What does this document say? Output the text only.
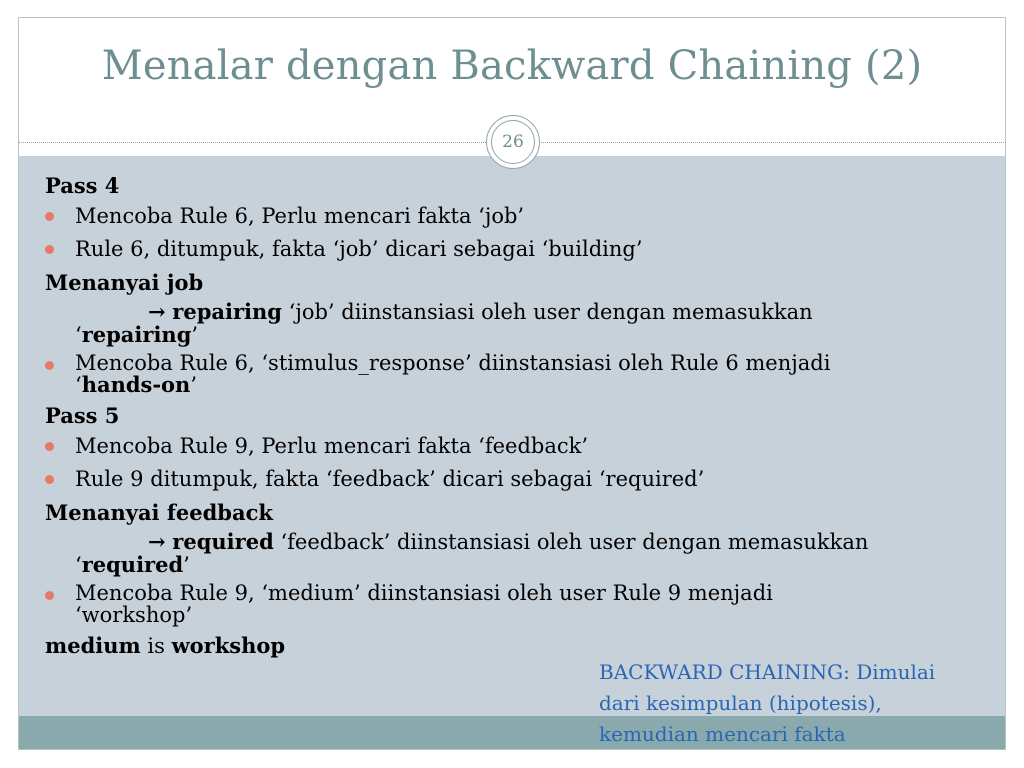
Menalar dengan Backward Chaining (2)
26
Pass 4
Mencoba Rule 6, Perlu mencari fakta ‘job’
Rule 6, ditumpuk, fakta ‘job’ dicari sebagai ‘building’
Menanyai job
→ repairing ‘job’ diinstansiasi oleh user dengan memasukkan
‘repairing’
Mencoba Rule 6, ‘stimulus_response’ diinstansiasi oleh Rule 6 menjadi
‘hands-on’
Pass 5
Mencoba Rule 9, Perlu mencari fakta ‘feedback’
Rule 9 ditumpuk, fakta ‘feedback’ dicari sebagai ‘required’
Menanyai feedback
→ required ‘feedback’ diinstansiasi oleh user dengan memasukkan
‘required’
Mencoba Rule 9, ‘medium’ diinstansiasi oleh user Rule 9 menjadi
‘workshop’
medium is workshop
BACKWARD CHAINING: Dimulai
dari kesimpulan (hipotesis),
kemudian mencari fakta
